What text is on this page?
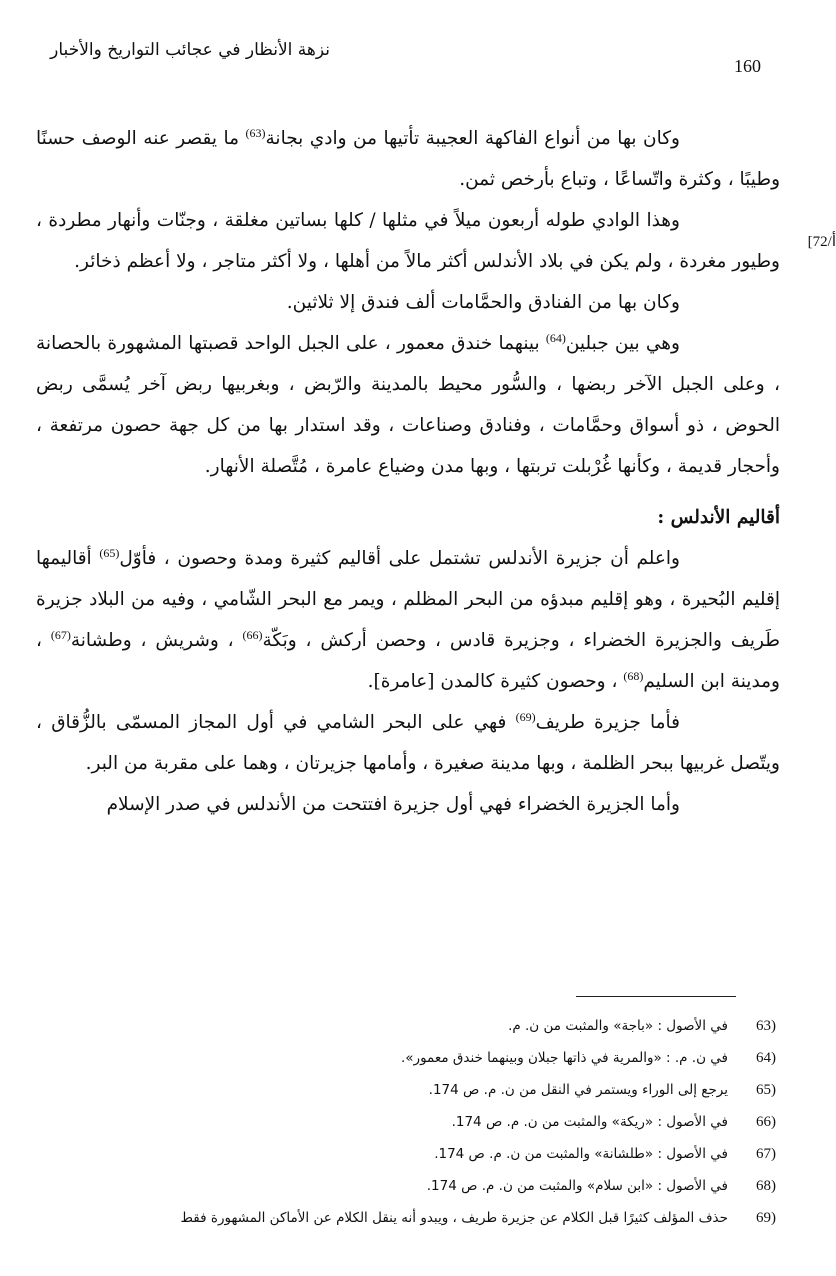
160
نزهة الأنظار في عجائب التواريخ والأخبار
[72/أ

وكان بها من أنواع الفاكهة العجيبة تأتيها من وادي بجانة$^{(63)}$ ما يقصر عنه الوصف حسنًا وطيبًا ، وكثرة واتّساعًا ، وتباع بأرخص ثمن.

وهذا الوادي طوله أربعون ميلاً في مثلها / كلها بساتين مغلقة ، وجنّات وأنهار مطردة ، وطيور مغردة ، ولم يكن في بلاد الأندلس أكثر مالاً من أهلها ، ولا أكثر متاجر ، ولا أعظم ذخائر.

وكان بها من الفنادق والحمَّامات ألف فندق إلا ثلاثين.

وهي بين جبلين$^{(64)}$ بينهما خندق معمور ، على الجبل الواحد قصبتها المشهورة بالحصانة ، وعلى الجبل الآخر ربضها ، والسُّور محيط بالمدينة والرّبض ، وبغربيها ربض آخر يُسمَّى ربض الحوض ، ذو أسواق وحمَّامات ، وفنادق وصناعات ، وقد استدار بها من كل جهة حصون مرتفعة ، وأحجار قديمة ، وكأنها غُرْبلت تربتها ، وبها مدن وضياع عامرة ، مُتَّصلة الأنهار.

أقاليم الأندلس :

واعلم أن جزيرة الأندلس تشتمل على أقاليم كثيرة ومدة وحصون ، فأوّل$^{(65)}$ أقاليمها إقليم البُحيرة ، وهو إقليم مبدؤه من البحر المظلم ، ويمر مع البحر الشّامي ، وفيه من البلاد جزيرة طَريف والجزيرة الخضراء ، وجزيرة قادس ، وحصن أركش ، وبَكّة$^{(66)}$ ، وشريش ، وطشانة$^{(67)}$ ، ومدينة ابن السليم$^{(68)}$ ، وحصون كثيرة كالمدن [عامرة].

فأما جزيرة طريف$^{(69)}$ فهي على البحر الشامي في أول المجاز المسمّى بالزُّقاق ، ويتّصل غربيها ببحر الظلمة ، وبها مدينة صغيرة ، وأمامها جزيرتان ، وهما على مقربة من البر.

وأما الجزيرة الخضراء فهي أول جزيرة افتتحت من الأندلس في صدر الإسلام

63)
في الأصول : «باجة» والمثبت من ن. م.
64)
في ن. م. : «والمرية في ذاتها جبلان وبينهما خندق معمور».
65)
يرجع إلى الوراء ويستمر في النقل من ن. م. ص 174.
66)
في الأصول : «ريكة» والمثبت من ن. م. ص 174.
67)
في الأصول : «طلشانة» والمثبت من ن. م. ص 174.
68)
في الأصول : «ابن سلام» والمثبت من ن. م. ص 174.
69)
حذف المؤلف كثيرًا قبل الكلام عن جزيرة طريف ، ويبدو أنه ينقل الكلام عن الأماكن المشهورة فقط
